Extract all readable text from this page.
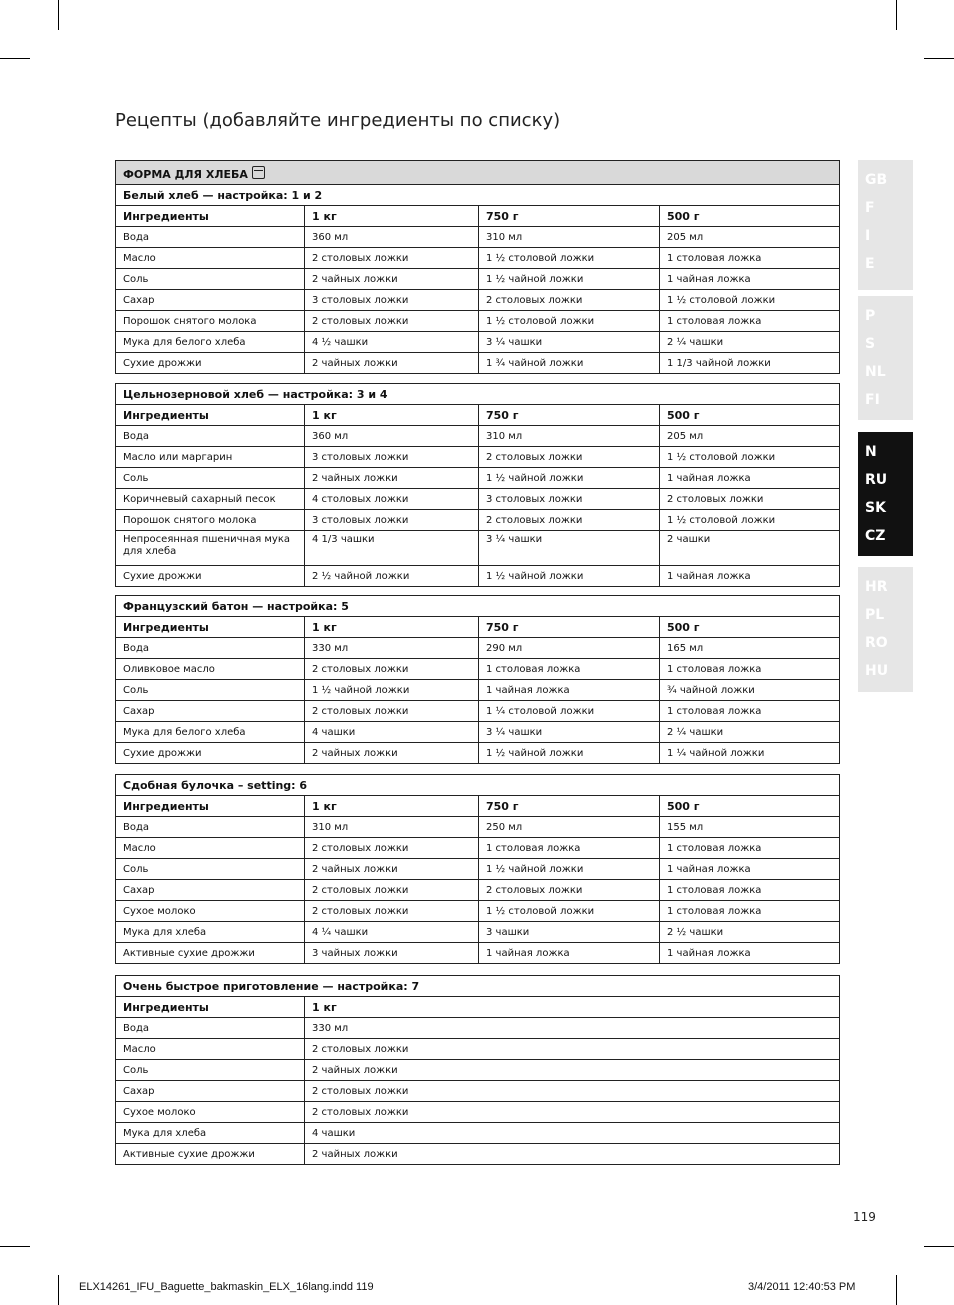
Рецепты (добавляйте ингредиенты по списку)
GB
F
I
E
P
S
NL
FI
N
RU
SK
CZ
HR
PL
RO
HU
ФОРМА ДЛЯ ХЛЕБА			
Белый хлеб — настройка: 1 и 2			
Ингредиенты	1 кг	750 г	500 г
Вода	360 мл	310 мл	205 мл
Масло	2 столовых ложки	1 ½ столовой ложки	1 столовая ложка
Соль	2 чайных ложки	1 ½ чайной ложки	1 чайная ложка
Сахар	3 столовых ложки	2 столовых ложки	1 ½ столовой ложки
Порошок снятого молока	2 столовых ложки	1 ½ столовой ложки	1 столовая ложка
Мука для белого хлеба	4 ½ чашки	3 ¼ чашки	2 ¼ чашки
Сухие дрожжи	2 чайных ложки	1 ¾ чайной ложки	1 1/3 чайной ложки
Цельнозерновой хлеб — настройка: 3 и 4			
Ингредиенты	1 кг	750 г	500 г
Вода	360 мл	310 мл	205 мл
Масло или маргарин	3 столовых ложки	2 столовых ложки	1 ½ столовой ложки
Соль	2 чайных ложки	1 ½ чайной ложки	1 чайная ложка
Коричневый сахарный песок	4 столовых ложки	3 столовых ложки	2 столовых ложки
Порошок снятого молока	3 столовых ложки	2 столовых ложки	1 ½ столовой ложки
Непросеянная пшеничная мука для хлеба	4 1/3 чашки	3 ¼ чашки	2 чашки
Сухие дрожжи	2 ½ чайной ложки	1 ½ чайной ложки	1 чайная ложка
Французский батон — настройка: 5			
Ингредиенты	1 кг	750 г	500 г
Вода	330 мл	290 мл	165 мл
Оливковое масло	2 столовых ложки	1 столовая ложка	1 столовая ложка
Соль	1 ½ чайной ложки	1 чайная ложка	¾ чайной ложки
Сахар	2 столовых ложки	1 ¼ столовой ложки	1 столовая ложка
Мука для белого хлеба	4 чашки	3 ¼ чашки	2 ¼ чашки
Сухие дрожжи	2 чайных ложки	1 ½ чайной ложки	1 ¼ чайной ложки
Сдобная булочка – setting: 6			
Ингредиенты	1 кг	750 г	500 г
Вода	310 мл	250 мл	155 мл
Масло	2 столовых ложки	1 столовая ложка	1 столовая ложка
Соль	2 чайных ложки	1 ½ чайной ложки	1 чайная ложка
Сахар	2 столовых ложки	2 столовых ложки	1 столовая ложка
Сухое молоко	2 столовых ложки	1 ½ столовой ложки	1 столовая ложка
Мука для хлеба	4 ¼ чашки	3 чашки	2 ½ чашки
Активные сухие дрожжи	3 чайных ложки	1 чайная ложка	1 чайная ложка
Очень быстрое приготовление — настройка: 7	
Ингредиенты	1 кг
Вода	330 мл
Масло	2 столовых ложки
Соль	2 чайных ложки
Сахар	2 столовых ложки
Сухое молоко	2 столовых ложки
Мука для хлеба	4 чашки
Активные сухие дрожжи	2 чайных ложки
119
ELX14261_IFU_Baguette_bakmaskin_ELX_16lang.indd 119	3/4/2011 12:40:53 PM
